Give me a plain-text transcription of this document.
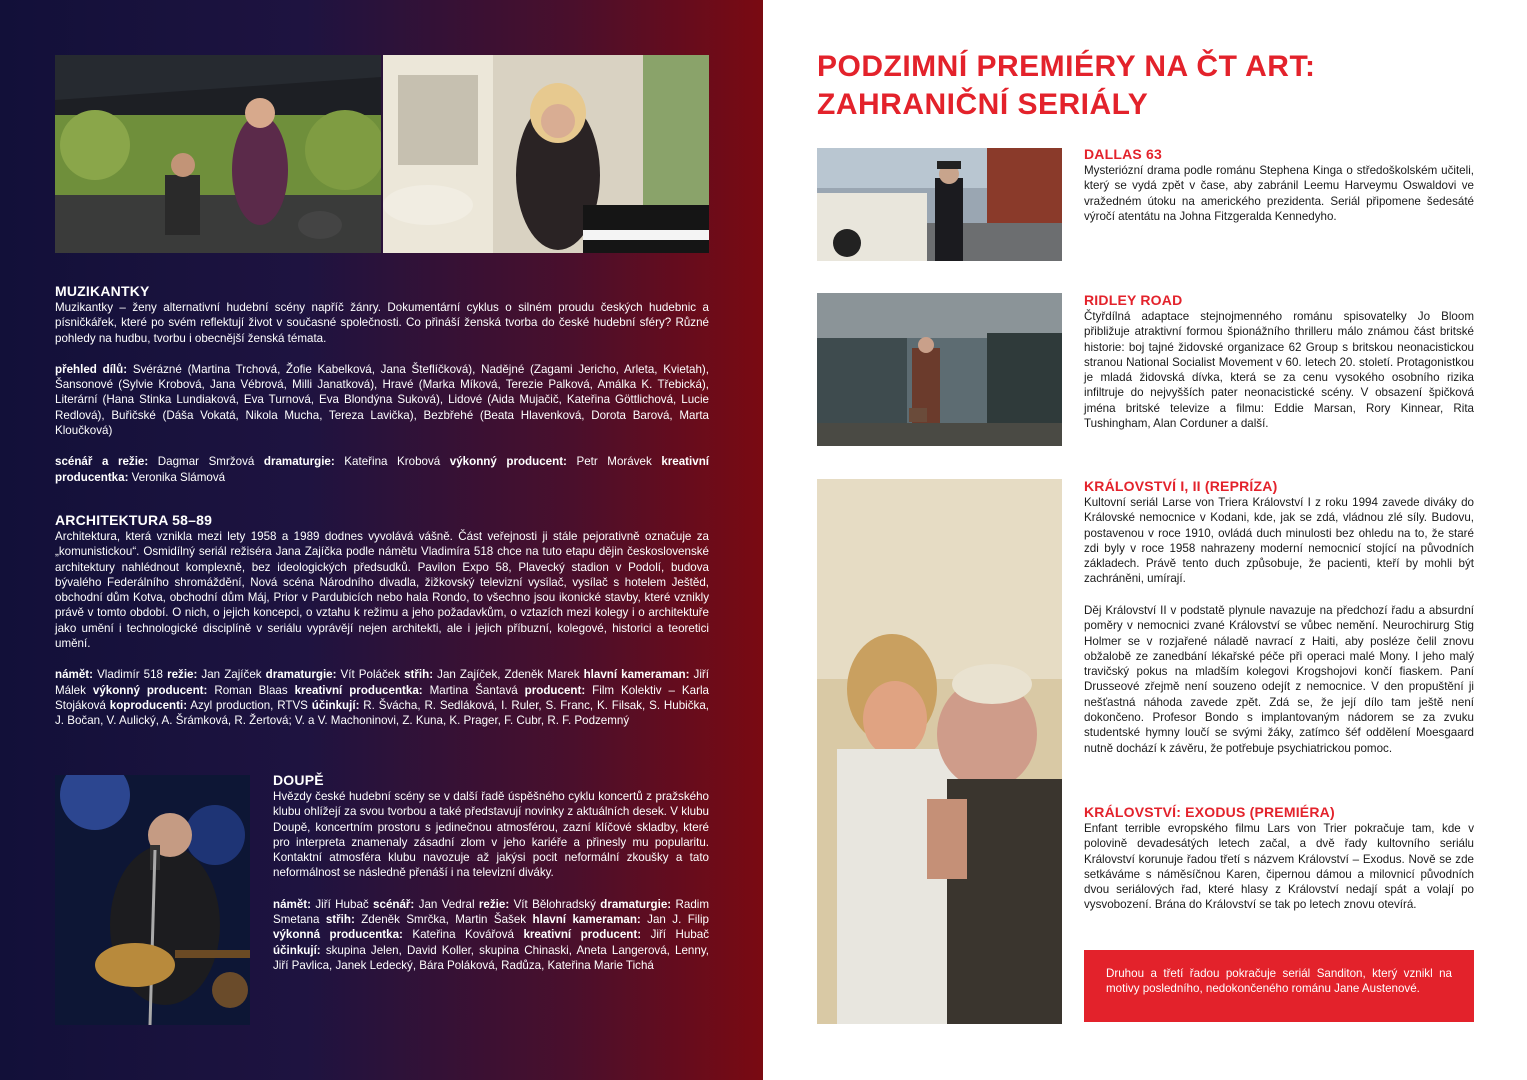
MUZIKANTKY

Muzikantky – ženy alternativní hudební scény napříč žánry. Dokumentární cyklus o silném proudu českých hudebnic a písničkářek, které po svém reflektují život v současné společnosti. Co přináší ženská tvorba do české hudební sféry? Různé pohledy na hudbu, tvorbu i obecnější ženská témata.

přehled dílů: Svérázné (Martina Trchová, Žofie Kabelková, Jana Šteflíčková), Nadějné (Zagami Jericho, Arleta, Kvietah), Šansonové (Sylvie Krobová, Jana Vébrová, Milli Janatková), Hravé (Marka Míková, Terezie Palková, Amálka K. Třebická), Literární (Hana Stinka Lundiaková, Eva Turnová, Eva Blondýna Suková), Lidové (Aida Mujačič, Kateřina Göttlichová, Lucie Redlová), Buřičské (Dáša Vokatá, Nikola Mucha, Tereza Lavička), Bezbřehé (Beata Hlavenková, Dorota Barová, Marta Kloučková)

scénář a režie: Dagmar Smržová dramaturgie: Kateřina Krobová výkonný producent: Petr Morávek kreativní producentka: Veronika Slámová

ARCHITEKTURA 58–89

Architektura, která vznikla mezi lety 1958 a 1989 dodnes vyvolává vášně. Část veřejnosti ji stále pejorativně označuje za „komunistickou“. Osmidílný seriál režiséra Jana Zajíčka podle námětu Vladimíra 518 chce na tuto etapu dějin československé architektury nahlédnout komplexně, bez ideologických předsudků. Pavilon Expo 58, Plavecký stadion v Podolí, budova bývalého Federálního shromáždění, Nová scéna Národního divadla, žižkovský televizní vysílač, vysílač s hotelem Ještěd, obchodní dům Kotva, obchodní dům Máj, Prior v Pardubicích nebo hala Rondo, to všechno jsou ikonické stavby, které vznikly právě v tomto období. O nich, o jejich koncepci, o vztahu k režimu a jeho požadavkům, o vztazích mezi kolegy i o architektuře jako umění i technologické disciplíně v seriálu vyprávějí nejen architekti, ale i jejich příbuzní, kolegové, historici a teoretici umění.

námět: Vladimír 518 režie: Jan Zajíček dramaturgie: Vít Poláček střih: Jan Zajíček, Zdeněk Marek hlavní kameraman: Jiří Málek výkonný producent: Roman Blaas kreativní producentka: Martina Šantavá producent: Film Kolektiv – Karla Stojáková koproducenti: Azyl production, RTVS účinkují: R. Švácha, R. Sedláková, I. Ruler, S. Franc, K. Filsak, S. Hubička, J. Bočan, V. Aulický, A. Šrámková, R. Žertová; V. a V. Machoninovi, Z. Kuna, K. Prager, F. Cubr, R. F. Podzemný

DOUPĚ

Hvězdy české hudební scény se v další řadě úspěšného cyklu koncertů z pražského klubu ohlížejí za svou tvorbou a také představují novinky z aktuálních desek. V klubu Doupě, koncertním prostoru s jedinečnou atmosférou, zazní klíčové skladby, které pro interpreta znamenaly zásadní zlom v jeho kariéře a přinesly mu popularitu. Kontaktní atmosféra klubu navozuje až jakýsi pocit neformální zkoušky a tato neformálnost se následně přenáší i na televizní diváky.

námět: Jiří Hubač scénář: Jan Vedral režie: Vít Bělohradský dramaturgie: Radim Smetana střih: Zdeněk Smrčka, Martin Šašek hlavní kameraman: Jan J. Filip výkonná producentka: Kateřina Kovářová kreativní producent: Jiří Hubač účinkují: skupina Jelen, David Koller, skupina Chinaski, Aneta Langerová, Lenny, Jiří Pavlica, Janek Ledecký, Bára Poláková, Radůza, Kateřina Marie Tichá

PODZIMNÍ PREMIÉRY NA ČT ART:
ZAHRANIČNÍ SERIÁLY
DALLAS 63

Mysteriózní drama podle románu Stephena Kinga o středoškolském učiteli, který se vydá zpět v čase, aby zabránil Leemu Harveymu Oswaldovi ve vražedném útoku na amerického prezidenta. Seriál připomene šedesáté výročí atentátu na Johna Fitzgeralda Kennedyho.

RIDLEY ROAD

Čtyřdílná adaptace stejnojmenného románu spisovatelky Jo Bloom přibližuje atraktivní formou špionážního thrilleru málo známou část britské historie: boj tajné židovské organizace 62 Group s britskou neonacistickou stranou National Socialist Movement v 60. letech 20. století. Protagonistkou je mladá židovská dívka, která se za cenu vysokého osobního rizika infiltruje do nejvyšších pater neonacistické scény. V obsazení špičková jména britské televize a filmu: Eddie Marsan, Rory Kinnear, Rita Tushingham, Alan Corduner a další.

KRÁLOVSTVÍ I, II (REPRÍZA)

Kultovní seriál Larse von Triera Království I z roku 1994 zavede diváky do Královské nemocnice v Kodani, kde, jak se zdá, vládnou zlé síly. Budovu, postavenou v roce 1910, ovládá duch minulosti bez ohledu na to, že staré zdi byly v roce 1958 nahrazeny moderní nemocnicí stojící na původních základech. Právě tento duch způsobuje, že pacienti, kteří by mohli být zachráněni, umírají.

Děj Království II v podstatě plynule navazuje na předchozí řadu a absurdní poměry v nemocnici zvané Království se vůbec nemění. Neurochirurg Stig Holmer se v rozjařené náladě navrací z Haiti, aby posléze čelil znovu obžalobě ze zanedbání lékařské péče při operaci malé Mony. I jeho malý travičský pokus na mladším kolegovi Krogshojovi končí fiaskem. Paní Drusseové zřejmě není souzeno odejít z nemocnice. V den propuštění ji nešťastná náhoda zavede zpět. Zdá se, že její dílo tam ještě není dokončeno. Profesor Bondo s implantovaným nádorem se za zvuku studentské hymny loučí se svými žáky, zatímco šéf oddělení Moesgaard nutně dochází k závěru, že potřebuje psychiatrickou pomoc.

KRÁLOVSTVÍ: EXODUS (PREMIÉRA)

Enfant terrible evropského filmu Lars von Trier pokračuje tam, kde v polovině devadesátých letech začal, a dvě řady kultovního seriálu Království korunuje řadou třetí s názvem Království – Exodus. Nově se zde setkáváme s náměsíčnou Karen, čipernou dámou a milovnicí původních dvou seriálových řad, které hlasy z Království nedají spát a volají po vysvobození. Brána do Království se tak po letech znovu otevírá.

Druhou a třetí řadou pokračuje seriál Sanditon, který vznikl na motivy posledního, nedokončeného románu Jane Austenové.
